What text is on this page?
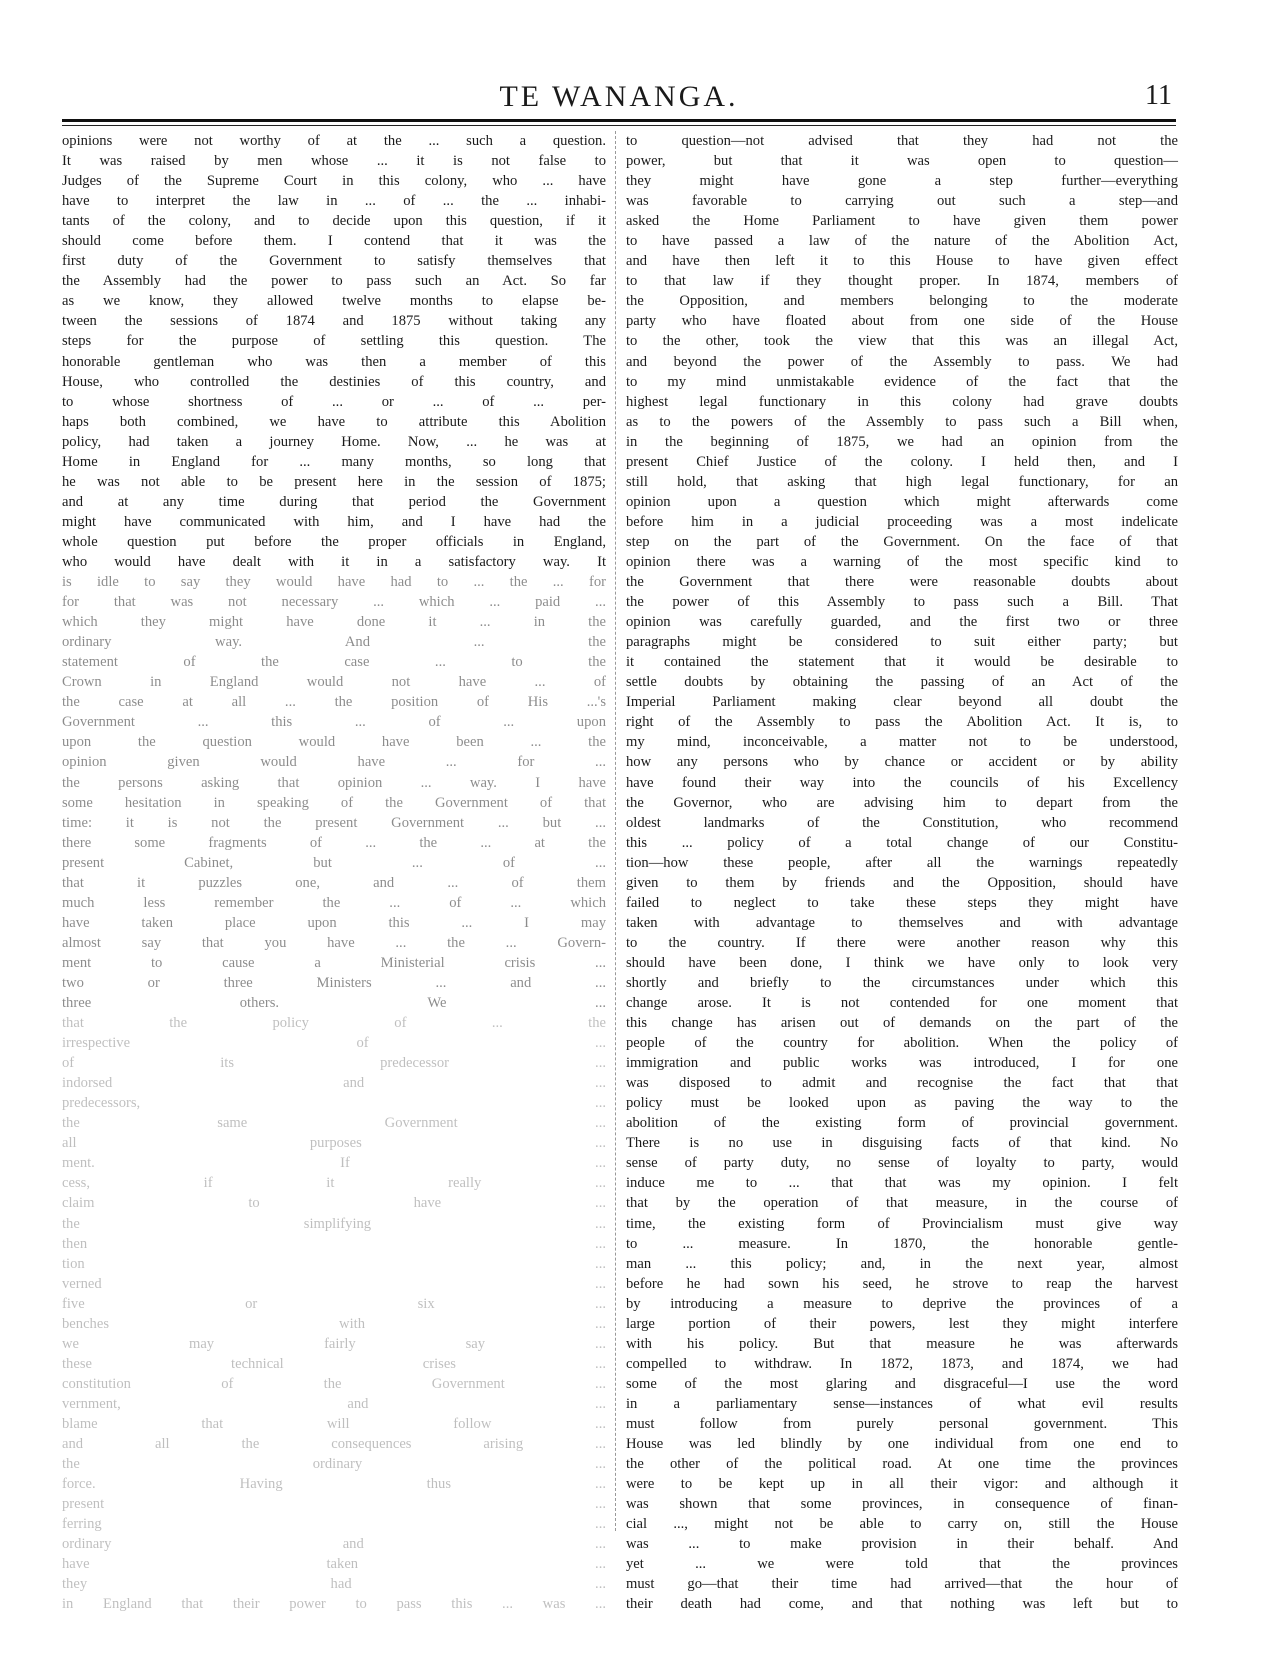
TE WANANGA.	11

opinions were not worthy of at the ... such a question.

It was raised by men whose ... it is not false to

Judges of the Supreme Court in this colony, who ... have

have to interpret the law in ... of ... the ... inhabi-

tants of the colony, and to decide upon this question, if it

should come before them. I contend that it was the

first duty of the Government to satisfy themselves that

the Assembly had the power to pass such an Act. So far

as we know, they allowed twelve months to elapse be-

tween the sessions of 1874 and 1875 without taking any

steps for the purpose of settling this question. The

honorable gentleman who was then a member of this

House, who controlled the destinies of this country, and

to whose shortness of ... or ... of ... per-

haps both combined, we have to attribute this Abolition

policy, had taken a journey Home. Now, ... he was at

Home in England for ... many months, so long that

he was not able to be present here in the session of 1875;

and at any time during that period the Government

might have communicated with him, and I have had the

whole question put before the proper officials in England,

who would have dealt with it in a satisfactory way. It

is idle to say they would have had to ... the ... for

for that was not necessary ... which ... paid ...

which they might have done it ... in the

ordinary way. And ... the

statement of the case ... to the

Crown in England would not have ... of

the case at all ... the position of His ...'s

Government ... this ... of ... upon

upon the question would have been ... the

opinion given would have ... for ...

the persons asking that opinion ... way. I have

some hesitation in speaking of the Government of that

time: it is not the present Government ... but ...

there some fragments of ... the ... at the

present Cabinet, but ... of ...

that it puzzles one, and ... of them

much less remember the ... of ... which

have taken place upon this ... I may

almost say that you have ... the ... Govern-

ment to cause a Ministerial crisis ...

two or three Ministers ... and ...

three others. We ...

that the policy of ... the

irrespective of ...

of its predecessor ...

indorsed and ...

predecessors, ...

the same Government ...

all purposes ...

ment. If ...

cess, if it really ...

claim to have ...

the simplifying ...

then ...

tion ...

verned ...

five or six ...

benches with ...

we may fairly say ...

these technical crises ...

constitution of the Government ...

vernment, and ...

blame that will follow ...

and all the consequences arising ...

the ordinary ...

force. Having thus ...

present ...

ferring ...

ordinary and ...

have taken ...

they had ...

in England that their power to pass this ... was ...

to question—not advised that they had not the

power, but that it was open to question—

they might have gone a step further—everything

was favorable to carrying out such a step—and

asked the Home Parliament to have given them power

to have passed a law of the nature of the Abolition Act,

and have then left it to this House to have given effect

to that law if they thought proper. In 1874, members of

the Opposition, and members belonging to the moderate

party who have floated about from one side of the House

to the other, took the view that this was an illegal Act,

and beyond the power of the Assembly to pass. We had

to my mind unmistakable evidence of the fact that the

highest legal functionary in this colony had grave doubts

as to the powers of the Assembly to pass such a Bill when,

in the beginning of 1875, we had an opinion from the

present Chief Justice of the colony. I held then, and I

still hold, that asking that high legal functionary, for an

opinion upon a question which might afterwards come

before him in a judicial proceeding was a most indelicate

step on the part of the Government. On the face of that

opinion there was a warning of the most specific kind to

the Government that there were reasonable doubts about

the power of this Assembly to pass such a Bill. That

opinion was carefully guarded, and the first two or three

paragraphs might be considered to suit either party; but

it contained the statement that it would be desirable to

settle doubts by obtaining the passing of an Act of the

Imperial Parliament making clear beyond all doubt the

right of the Assembly to pass the Abolition Act. It is, to

my mind, inconceivable, a matter not to be understood,

how any persons who by chance or accident or by ability

have found their way into the councils of his Excellency

the Governor, who are advising him to depart from the

oldest landmarks of the Constitution, who recommend

this ... policy of a total change of our Constitu-

tion—how these people, after all the warnings repeatedly

given to them by friends and the Opposition, should have

failed to neglect to take these steps they might have

taken with advantage to themselves and with advantage

to the country. If there were another reason why this

should have been done, I think we have only to look very

shortly and briefly to the circumstances under which this

change arose. It is not contended for one moment that

this change has arisen out of demands on the part of the

people of the country for abolition. When the policy of

immigration and public works was introduced, I for one

was disposed to admit and recognise the fact that that

policy must be looked upon as paving the way to the

abolition of the existing form of provincial government.

There is no use in disguising facts of that kind. No

sense of party duty, no sense of loyalty to party, would

induce me to ... that that was my opinion. I felt

that by the operation of that measure, in the course of

time, the existing form of Provincialism must give way

to ... measure. In 1870, the honorable gentle-

man ... this policy; and, in the next year, almost

before he had sown his seed, he strove to reap the harvest

by introducing a measure to deprive the provinces of a

large portion of their powers, lest they might interfere

with his policy. But that measure he was afterwards

compelled to withdraw. In 1872, 1873, and 1874, we had

some of the most glaring and disgraceful—I use the word

in a parliamentary sense—instances of what evil results

must follow from purely personal government. This

House was led blindly by one individual from one end to

the other of the political road. At one time the provinces

were to be kept up in all their vigor: and although it

was shown that some provinces, in consequence of finan-

cial ..., might not be able to carry on, still the House

was ... to make provision in their behalf. And

yet ... we were told that the provinces

must go—that their time had arrived—that the hour of

their death had come, and that nothing was left but to
